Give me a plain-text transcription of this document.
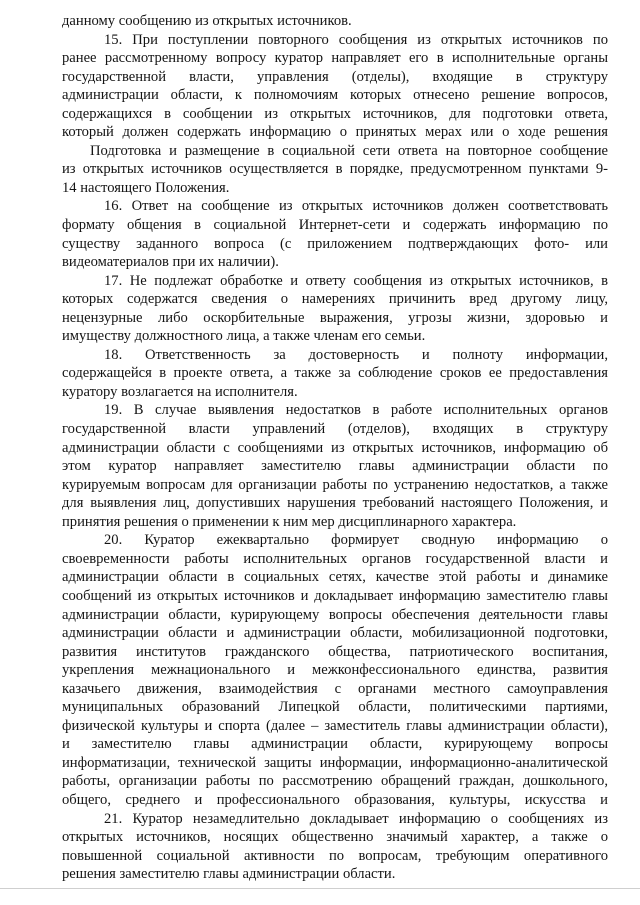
данному сообщению из открытых источников.
15. При поступлении повторного сообщения из открытых источников по
ранее рассмотренному вопросу куратор направляет его в исполнительные органы
государственной власти, управления (отделы), входящие в структуру
администрации области, к полномочиям которых отнесено решение вопросов,
содержащихся в сообщении из открытых источников, для подготовки ответа,
который должен содержать информацию о принятых мерах или о ходе решения
Подготовка и размещение в социальной сети ответа на повторное сообщение
из открытых источников осуществляется в порядке, предусмотренном пунктами 9-
14 настоящего Положения.
16. Ответ на сообщение из открытых источников должен соответствовать
формату общения в социальной Интернет-сети и содержать информацию по
существу заданного вопроса (с приложением подтверждающих фото- или
видеоматериалов при их наличии).
17. Не подлежат обработке и ответу сообщения из открытых источников, в
которых содержатся сведения о намерениях причинить вред другому лицу,
нецензурные либо оскорбительные выражения, угрозы жизни, здоровью и
имуществу должностного лица, а также членам его семьи.
18. Ответственность за достоверность и полноту информации,
содержащейся в проекте ответа, а также за соблюдение сроков ее предоставления
куратору возлагается на исполнителя.
19. В случае выявления недостатков в работе исполнительных органов
государственной власти управлений (отделов), входящих в структуру
администрации области с сообщениями из открытых источников, информацию об
этом куратор направляет заместителю главы администрации области по
курируемым вопросам для организации работы по устранению недостатков, а также
для выявления лиц, допустивших нарушения требований настоящего Положения, и
принятия решения о применении к ним мер дисциплинарного характера.
20. Куратор ежеквартально формирует сводную информацию о
своевременности работы исполнительных органов государственной власти и
администрации области в социальных сетях, качестве этой работы и динамике
сообщений из открытых источников и докладывает информацию заместителю главы
администрации области, курирующему вопросы обеспечения деятельности главы
администрации области и администрации области, мобилизационной подготовки,
развития институтов гражданского общества, патриотического воспитания,
укрепления межнационального и межконфессионального единства, развития
казачьего движения, взаимодействия с органами местного самоуправления
муниципальных образований Липецкой области, политическими партиями,
физической культуры и спорта (далее – заместитель главы администрации области),
и заместителю главы администрации области, курирующему вопросы
информатизации, технической защиты информации, информационно-аналитической
работы, организации работы по рассмотрению обращений граждан, дошкольного,
общего, среднего и профессионального образования, культуры, искусства и
21. Куратор незамедлительно докладывает информацию о сообщениях из
открытых источников, носящих общественно значимый характер, а также о
повышенной социальной активности по вопросам, требующим оперативного
решения заместителю главы администрации области.
